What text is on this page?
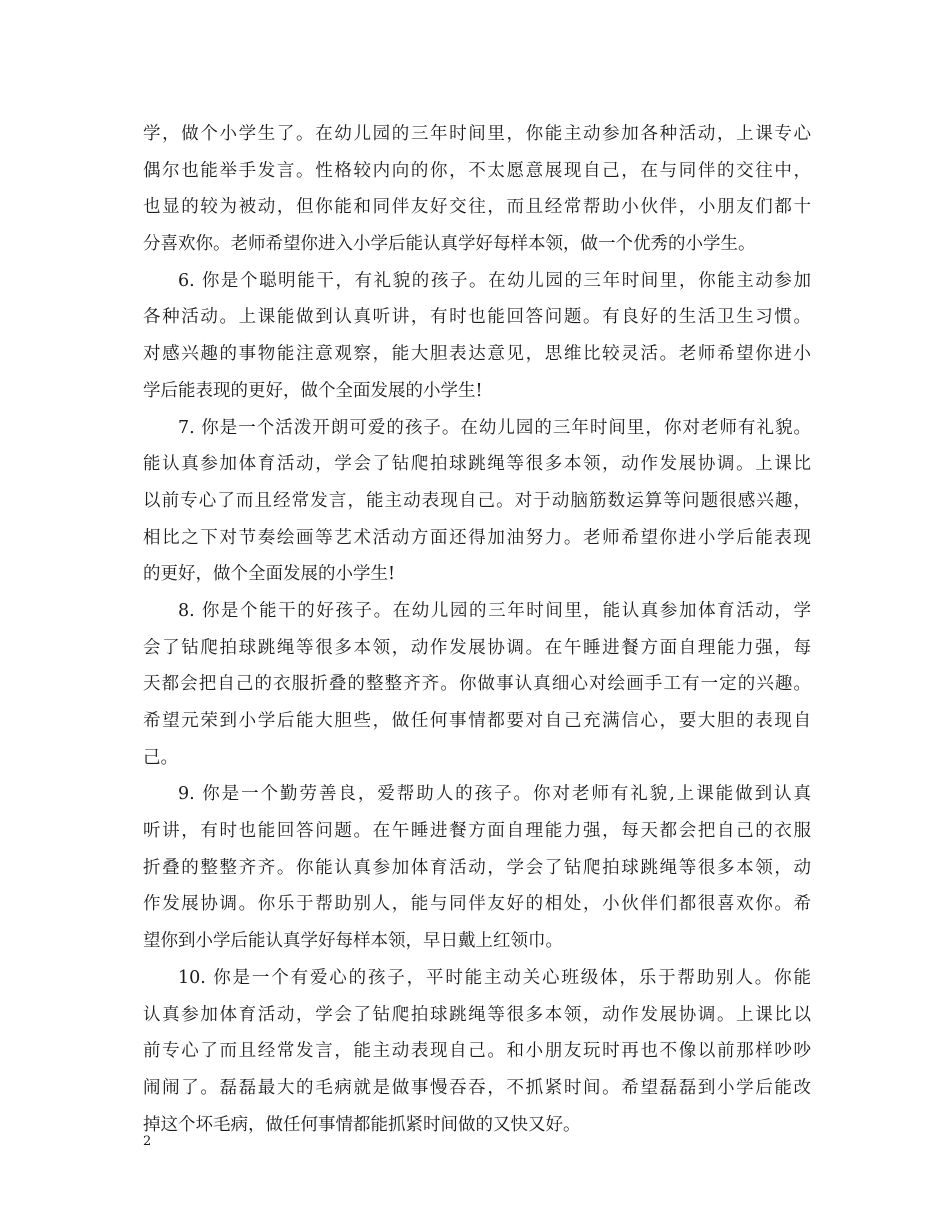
学，做个小学生了。在幼儿园的三年时间里，你能主动参加各种活动，上课专心
偶尔也能举手发言。性格较内向的你，不太愿意展现自己，在与同伴的交往中，
也显的较为被动，但你能和同伴友好交往，而且经常帮助小伙伴，小朋友们都十
分喜欢你。老师希望你进入小学后能认真学好每样本领，做一个优秀的小学生。
6. 你是个聪明能干，有礼貌的孩子。在幼儿园的三年时间里，你能主动参加
各种活动。上课能做到认真听讲，有时也能回答问题。有良好的生活卫生习惯。
对感兴趣的事物能注意观察，能大胆表达意见，思维比较灵活。老师希望你进小
学后能表现的更好，做个全面发展的小学生!
7. 你是一个活泼开朗可爱的孩子。在幼儿园的三年时间里，你对老师有礼貌。
能认真参加体育活动，学会了钻爬拍球跳绳等很多本领，动作发展协调。上课比
以前专心了而且经常发言，能主动表现自己。对于动脑筋数运算等问题很感兴趣，
相比之下对节奏绘画等艺术活动方面还得加油努力。老师希望你进小学后能表现
的更好，做个全面发展的小学生!
8. 你是个能干的好孩子。在幼儿园的三年时间里，能认真参加体育活动，学
会了钻爬拍球跳绳等很多本领，动作发展协调。在午睡进餐方面自理能力强，每
天都会把自己的衣服折叠的整整齐齐。你做事认真细心对绘画手工有一定的兴趣。
希望元荣到小学后能大胆些，做任何事情都要对自己充满信心，要大胆的表现自
己。
9. 你是一个勤劳善良，爱帮助人的孩子。你对老师有礼貌,上课能做到认真
听讲，有时也能回答问题。在午睡进餐方面自理能力强，每天都会把自己的衣服
折叠的整整齐齐。你能认真参加体育活动，学会了钻爬拍球跳绳等很多本领，动
作发展协调。你乐于帮助别人，能与同伴友好的相处，小伙伴们都很喜欢你。希
望你到小学后能认真学好每样本领，早日戴上红领巾。
10. 你是一个有爱心的孩子，平时能主动关心班级体，乐于帮助别人。你能
认真参加体育活动，学会了钻爬拍球跳绳等很多本领，动作发展协调。上课比以
前专心了而且经常发言，能主动表现自己。和小朋友玩时再也不像以前那样吵吵
闹闹了。磊磊最大的毛病就是做事慢吞吞，不抓紧时间。希望磊磊到小学后能改
掉这个坏毛病，做任何事情都能抓紧时间做的又快又好。
2
